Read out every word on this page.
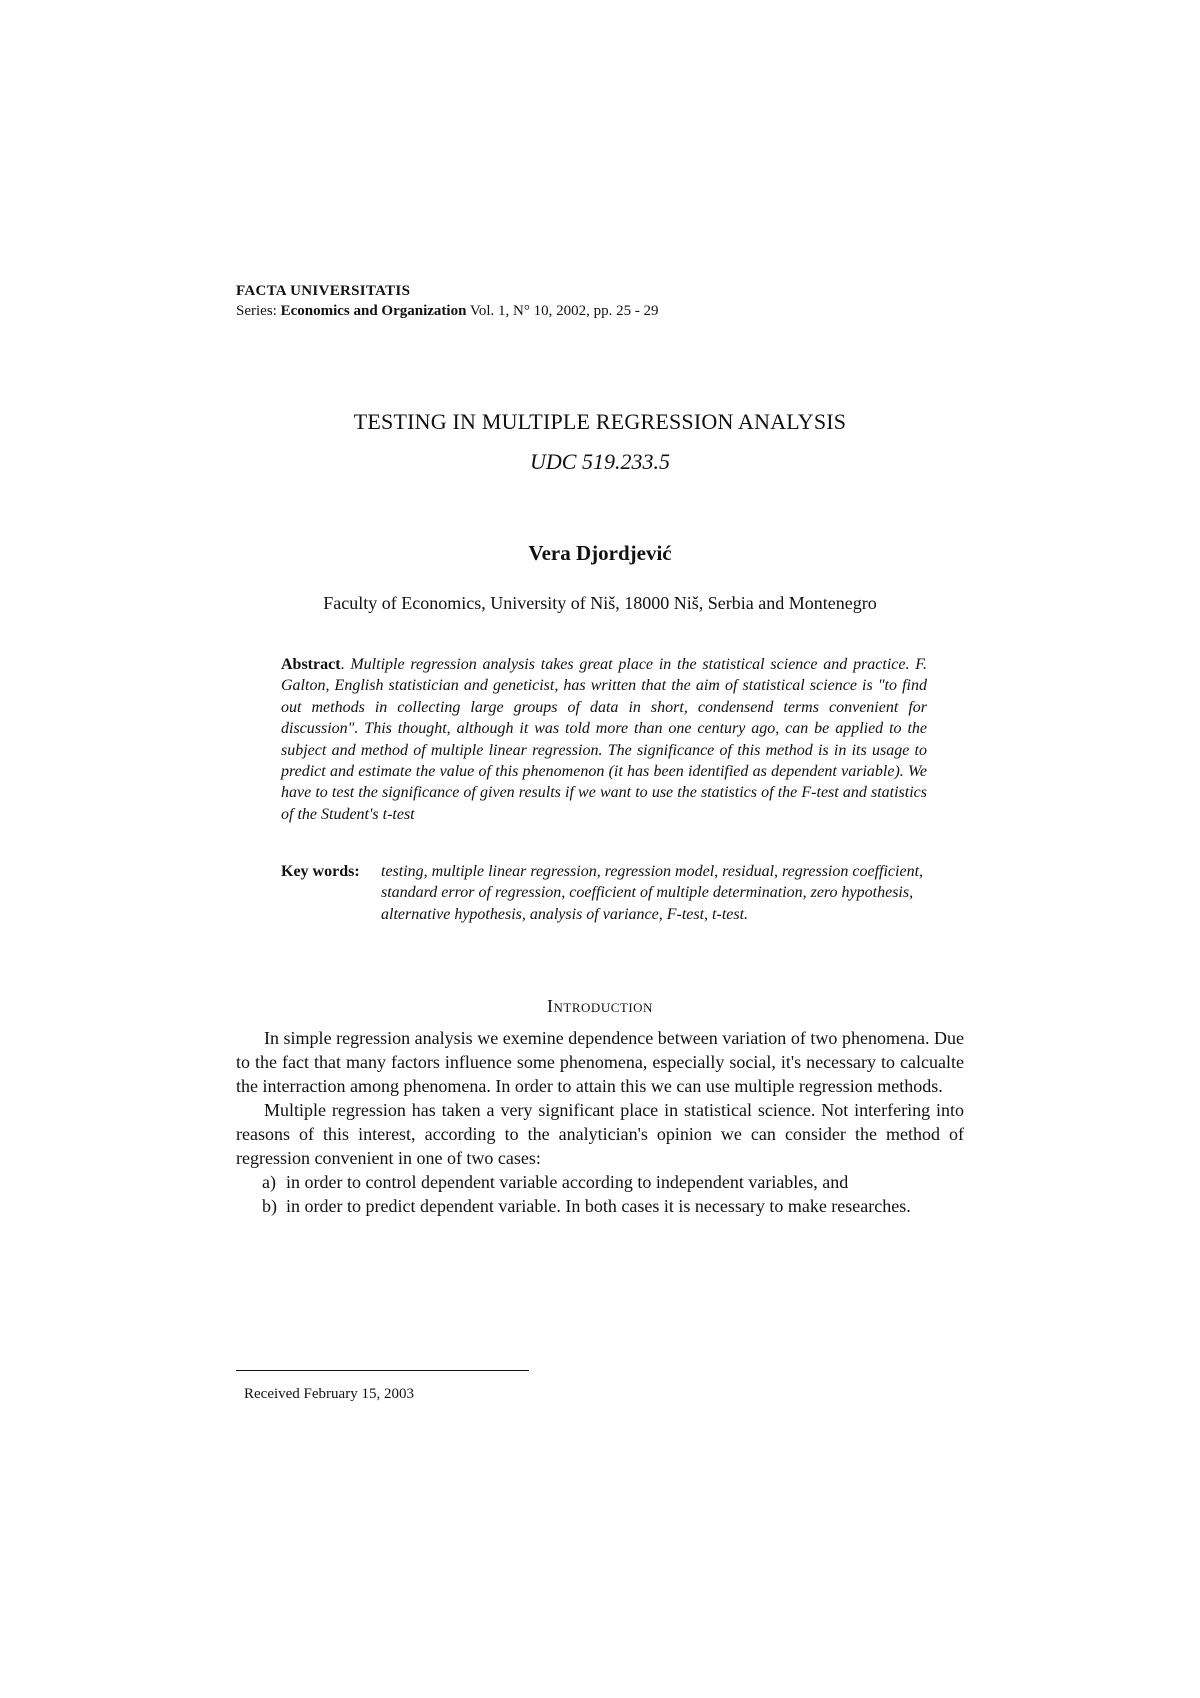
FACTA UNIVERSITATIS
Series: Economics and Organization Vol. 1, N° 10, 2002, pp. 25 - 29
TESTING IN MULTIPLE REGRESSION ANALYSIS
UDC 519.233.5
Vera Djordjević
Faculty of Economics, University of Niš, 18000 Niš, Serbia and Montenegro
Abstract. Multiple regression analysis takes great place in the statistical science and practice. F. Galton, English statistician and geneticist, has written that the aim of statistical science is "to find out methods in collecting large groups of data in short, condensend terms convenient for discussion". This thought, although it was told more than one century ago, can be applied to the subject and method of multiple linear regression. The significance of this method is in its usage to predict and estimate the value of this phenomenon (it has been identified as dependent variable). We have to test the significance of given results if we want to use the statistics of the F-test and statistics of the Student's t-test
Key words:	testing, multiple linear regression, regression model, residual, regression coefficient, standard error of regression, coefficient of multiple determination, zero hypothesis, alternative hypothesis, analysis of variance, F-test, t-test.
Introduction

In simple regression analysis we exemine dependence between variation of two phenomena. Due to the fact that many factors influence some phenomena, especially social, it's necessary to calcualte the interraction among phenomena. In order to attain this we can use multiple regression methods.

Multiple regression has taken a very significant place in statistical science. Not interfering into reasons of this interest, according to the analytician's opinion we can consider the method of regression convenient in one of two cases:

a) in order to control dependent variable according to independent variables, and
b) in order to predict dependent variable. In both cases it is necessary to make researches.
Received February 15, 2003
